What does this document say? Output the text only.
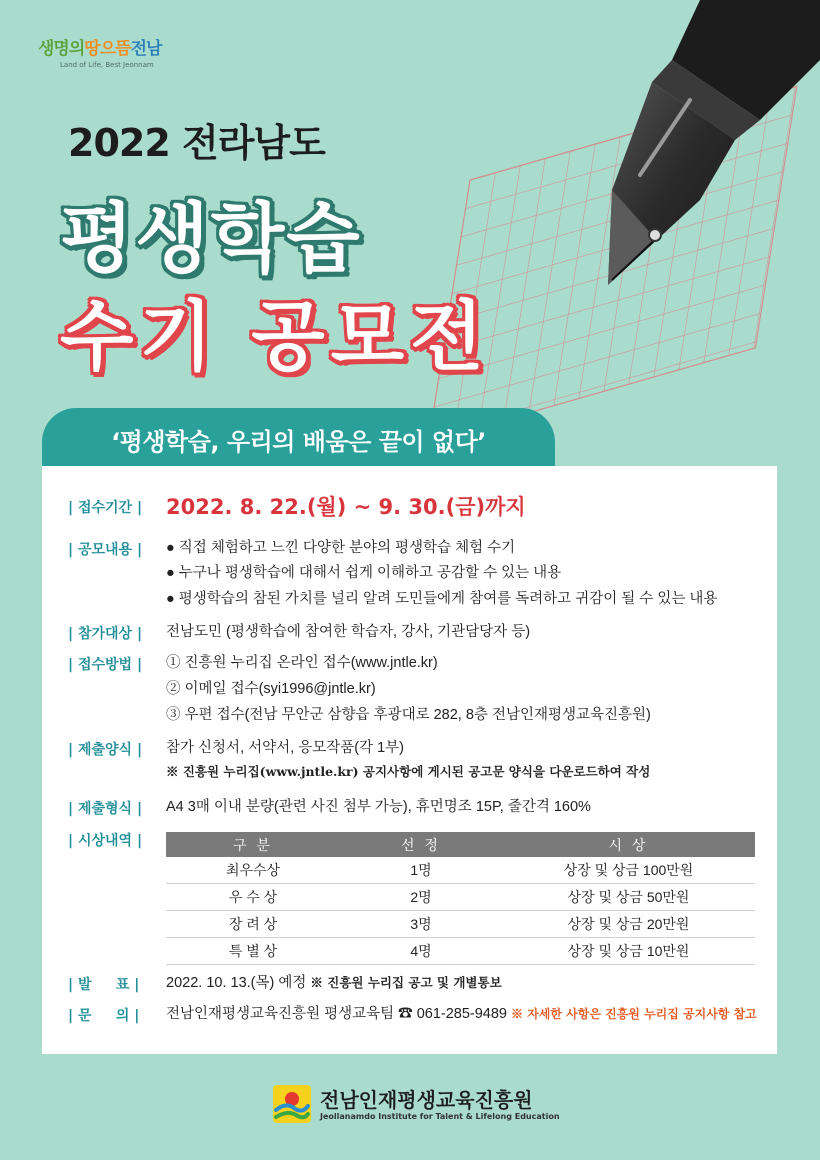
생명의땅으뜸전남
Land of Life, Best Jeonnam
2022 전라남도
평생학습
수기 공모전
‘평생학습, 우리의 배움은 끝이 없다’
| 접수기간 |	2022. 8. 22.(월) ~ 9. 30.(금)까지
| 공모내용 |	● 직접 체험하고 느낀 다양한 분야의 평생학습 체험 수기
● 누구나 평생학습에 대해서 쉽게 이해하고 공감할 수 있는 내용
● 평생학습의 참된 가치를 널리 알려 도민들에게 참여를 독려하고 귀감이 될 수 있는 내용
| 참가대상 |	전남도민 (평생학습에 참여한 학습자, 강사, 기관담당자 등)
| 접수방법 |	① 진흥원 누리집 온라인 접수(www.jntle.kr)
② 이메일 접수(syi1996@jntle.kr)
③ 우편 접수(전남 무안군 삼향읍 후광대로 282, 8층 전남인재평생교육진흥원)
| 제출양식 |	참가 신청서, 서약서, 응모작품(각 1부)
※ 진흥원 누리집(www.jntle.kr) 공지사항에 게시된 공고문 양식을 다운로드하여 작성
| 제출형식 |	A4 3매 이내 분량(관련 사진 첨부 가능), 휴먼명조 15P, 줄간격 160%
| 시상내역 |	구 분	선 정	시 상
최우수상	1명	상장 및 상금 100만원
우 수 상	2명	상장 및 상금 50만원
장 려 상	3명	상장 및 상금 20만원
특 별 상	4명	상장 및 상금 10만원
| 발     표 |	2022. 10. 13.(목) 예정 ※ 진흥원 누리집 공고 및 개별통보
| 문     의 |	전남인재평생교육진흥원 평생교육팀 ☎ 061-285-9489 ※ 자세한 사항은 진흥원 누리집 공지사항 참고
전남인재평생교육진흥원
Jeollanamdo Institute for Talent & Lifelong Education
